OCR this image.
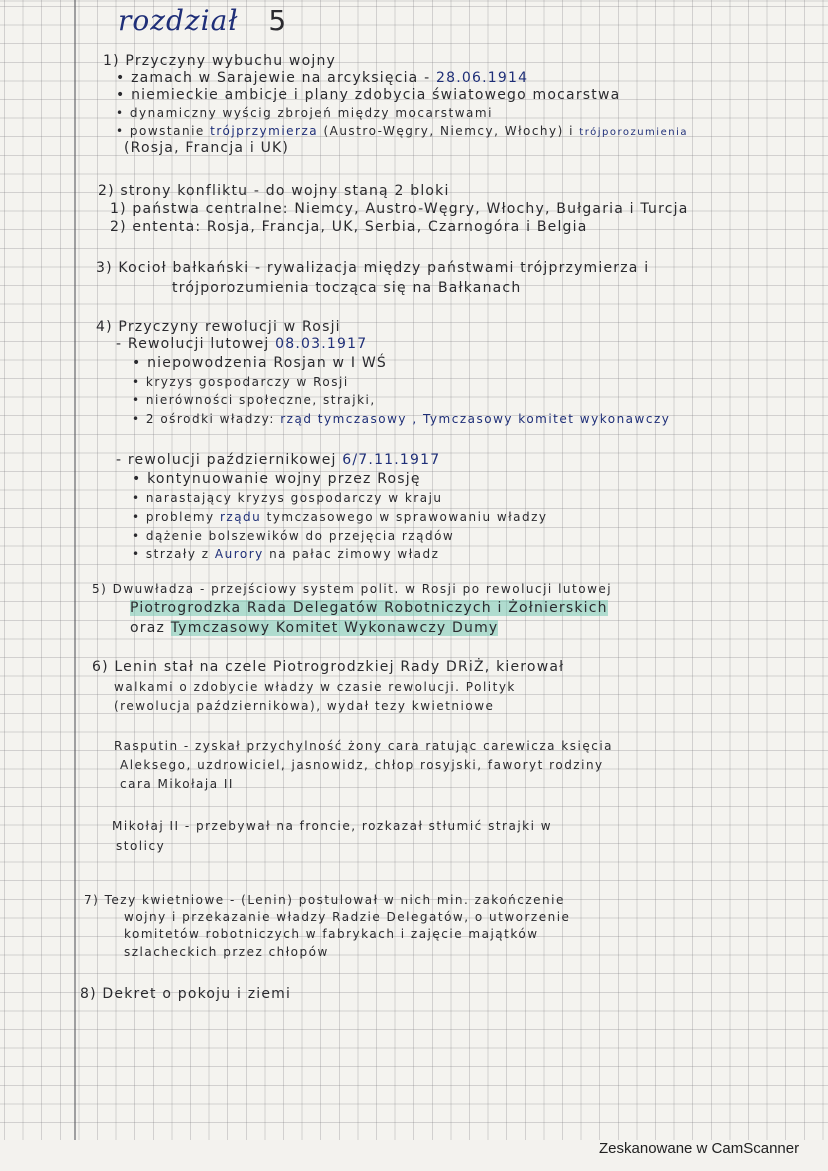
rozdział 5
1) Przyczyny wybuchu wojny
• zamach w Sarajewie na arcyksięcia - 28.06.1914
• niemieckie ambicje i plany zdobycia światowego mocarstwa
• dynamiczny wyścig zbrojeń między mocarstwami
• powstanie trójprzymierza (Austro-Węgry, Niemcy, Włochy) i trójporozumienia
(Rosja, Francja i UK)
2) strony konfliktu - do wojny staną 2 bloki
1) państwa centralne: Niemcy, Austro-Węgry, Włochy, Bułgaria i Turcja
2) ententa: Rosja, Francja, UK, Serbia, Czarnogóra i Belgia
3) Kocioł bałkański - rywalizacja między państwami trójprzymierza i
trójporozumienia tocząca się na Bałkanach
4) Przyczyny rewolucji w Rosji
- Rewolucji lutowej 08.03.1917
• niepowodzenia Rosjan w I WŚ
• kryzys gospodarczy w Rosji
• nierówności społeczne, strajki,
• 2 ośrodki władzy: rząd tymczasowy , Tymczasowy komitet wykonawczy
- rewolucji październikowej 6/7.11.1917
• kontynuowanie wojny przez Rosję
• narastający kryzys gospodarczy w kraju
• problemy rządu tymczasowego w sprawowaniu władzy
• dążenie bolszewików do przejęcia rządów
• strzały z Aurory na pałac zimowy władz
5) Dwuwładza - przejściowy system polit. w Rosji po rewolucji lutowej
Piotrogrodzka Rada Delegatów Robotniczych i Żołnierskich
oraz Tymczasowy Komitet Wykonawczy Dumy
6) Lenin stał na czele Piotrogrodzkiej Rady DRiŻ, kierował
walkami o zdobycie władzy w czasie rewolucji. Polityk
(rewolucja październikowa), wydał tezy kwietniowe
Rasputin - zyskał przychylność żony cara ratując carewicza księcia
Aleksego, uzdrowiciel, jasnowidz, chłop rosyjski, faworyt rodziny
cara Mikołaja II
Mikołaj II - przebywał na froncie, rozkazał stłumić strajki w
stolicy
7) Tezy kwietniowe - (Lenin) postulował w nich min. zakończenie
wojny i przekazanie władzy Radzie Delegatów, o utworzenie
komitetów robotniczych w fabrykach i zajęcie majątków
szlacheckich przez chłopów
8) Dekret o pokoju i ziemi
Zeskanowane w CamScanner
